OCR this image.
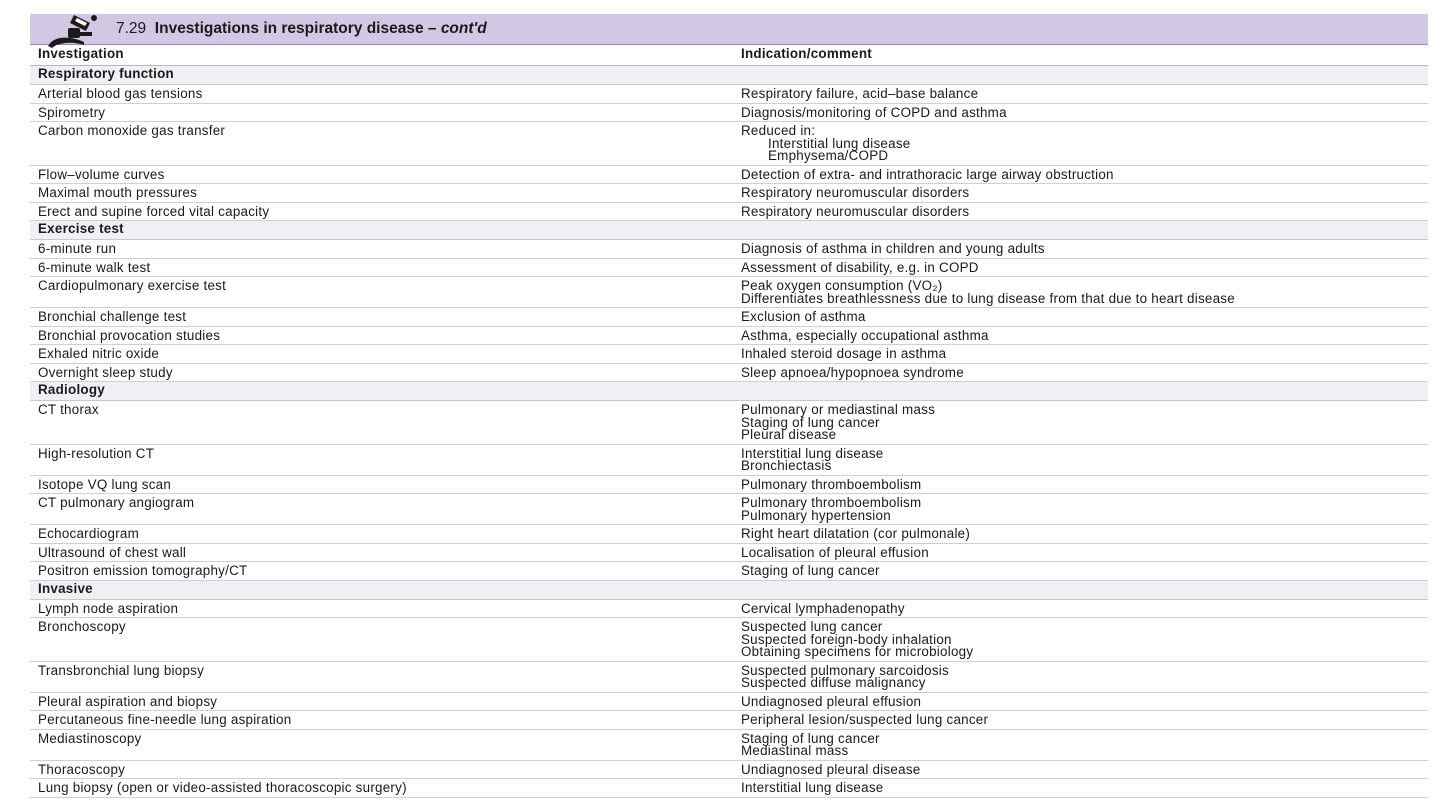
7.29 Investigations in respiratory disease – cont'd
Investigation	Indication/comment
Respiratory function	
Arterial blood gas tensions	Respiratory failure, acid–base balance

Spirometry	Diagnosis/monitoring of COPD and asthma

Carbon monoxide gas transfer	Reduced in:
Interstitial lung disease
Emphysema/COPD

Flow–volume curves	Detection of extra- and intrathoracic large airway obstruction

Maximal mouth pressures	Respiratory neuromuscular disorders

Erect and supine forced vital capacity	Respiratory neuromuscular disorders

Exercise test	
6-minute run	Diagnosis of asthma in children and young adults

6-minute walk test	Assessment of disability, e.g. in COPD

Cardiopulmonary exercise test	Peak oxygen consumption (VO₂)
Differentiates breathlessness due to lung disease from that due to heart disease

Bronchial challenge test	Exclusion of asthma

Bronchial provocation studies	Asthma, especially occupational asthma

Exhaled nitric oxide	Inhaled steroid dosage in asthma

Overnight sleep study	Sleep apnoea/hypopnoea syndrome

Radiology	
CT thorax	Pulmonary or mediastinal mass
Staging of lung cancer
Pleural disease

High-resolution CT	Interstitial lung disease
Bronchiectasis

Isotope VQ lung scan	Pulmonary thromboembolism

CT pulmonary angiogram	Pulmonary thromboembolism
Pulmonary hypertension

Echocardiogram	Right heart dilatation (cor pulmonale)

Ultrasound of chest wall	Localisation of pleural effusion

Positron emission tomography/CT	Staging of lung cancer

Invasive	
Lymph node aspiration	Cervical lymphadenopathy

Bronchoscopy	Suspected lung cancer
Suspected foreign-body inhalation
Obtaining specimens for microbiology

Transbronchial lung biopsy	Suspected pulmonary sarcoidosis
Suspected diffuse malignancy

Pleural aspiration and biopsy	Undiagnosed pleural effusion

Percutaneous fine-needle lung aspiration	Peripheral lesion/suspected lung cancer

Mediastinoscopy	Staging of lung cancer
Mediastinal mass

Thoracoscopy	Undiagnosed pleural disease

Lung biopsy (open or video-assisted thoracoscopic surgery)	Interstitial lung disease
